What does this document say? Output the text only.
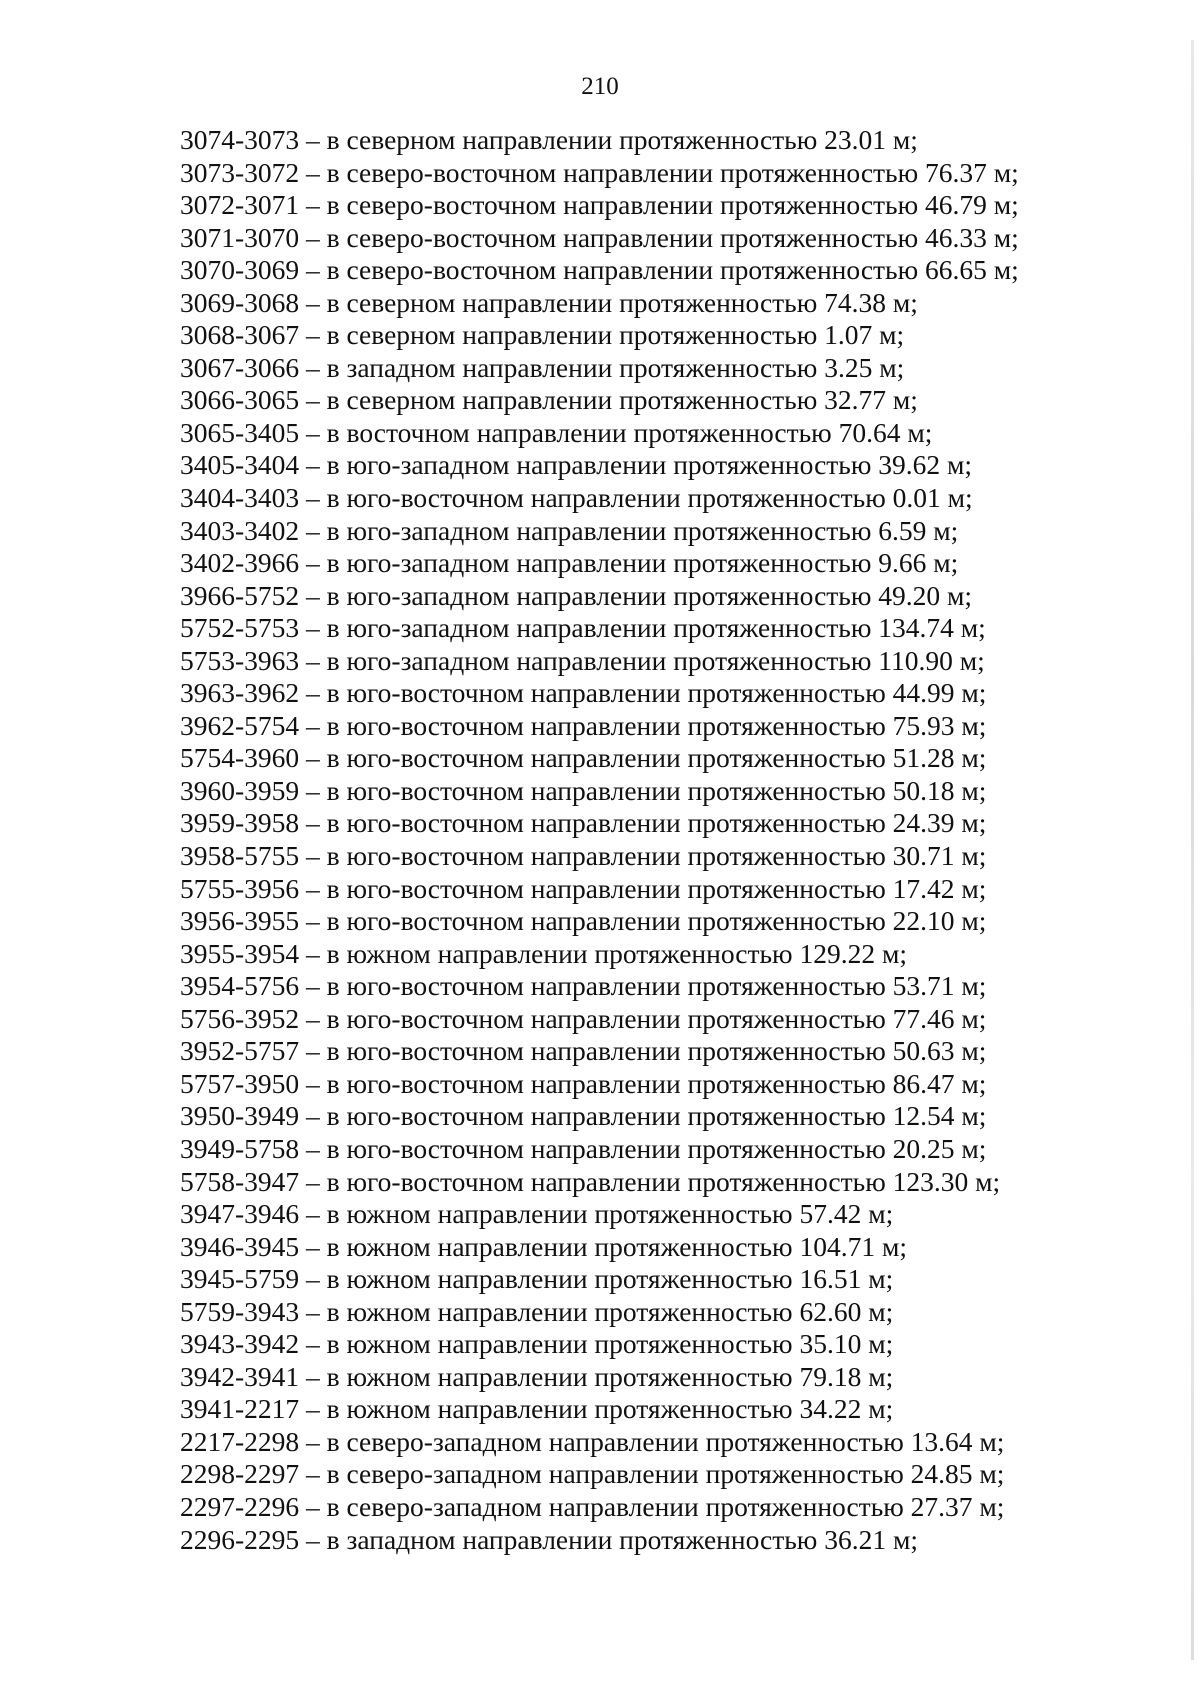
210
3074-3073 – в северном направлении протяженностью 23.01 м;
3073-3072 – в северо-восточном направлении протяженностью 76.37 м;
3072-3071 – в северо-восточном направлении протяженностью 46.79 м;
3071-3070 – в северо-восточном направлении протяженностью 46.33 м;
3070-3069 – в северо-восточном направлении протяженностью 66.65 м;
3069-3068 – в северном направлении протяженностью 74.38 м;
3068-3067 – в северном направлении протяженностью 1.07 м;
3067-3066 – в западном направлении протяженностью 3.25 м;
3066-3065 – в северном направлении протяженностью 32.77 м;
3065-3405 – в восточном направлении протяженностью 70.64 м;
3405-3404 – в юго-западном направлении протяженностью 39.62 м;
3404-3403 – в юго-восточном направлении протяженностью 0.01 м;
3403-3402 – в юго-западном направлении протяженностью 6.59 м;
3402-3966 – в юго-западном направлении протяженностью 9.66 м;
3966-5752 – в юго-западном направлении протяженностью 49.20 м;
5752-5753 – в юго-западном направлении протяженностью 134.74 м;
5753-3963 – в юго-западном направлении протяженностью 110.90 м;
3963-3962 – в юго-восточном направлении протяженностью 44.99 м;
3962-5754 – в юго-восточном направлении протяженностью 75.93 м;
5754-3960 – в юго-восточном направлении протяженностью 51.28 м;
3960-3959 – в юго-восточном направлении протяженностью 50.18 м;
3959-3958 – в юго-восточном направлении протяженностью 24.39 м;
3958-5755 – в юго-восточном направлении протяженностью 30.71 м;
5755-3956 – в юго-восточном направлении протяженностью 17.42 м;
3956-3955 – в юго-восточном направлении протяженностью 22.10 м;
3955-3954 – в южном направлении протяженностью 129.22 м;
3954-5756 – в юго-восточном направлении протяженностью 53.71 м;
5756-3952 – в юго-восточном направлении протяженностью 77.46 м;
3952-5757 – в юго-восточном направлении протяженностью 50.63 м;
5757-3950 – в юго-восточном направлении протяженностью 86.47 м;
3950-3949 – в юго-восточном направлении протяженностью 12.54 м;
3949-5758 – в юго-восточном направлении протяженностью 20.25 м;
5758-3947 – в юго-восточном направлении протяженностью 123.30 м;
3947-3946 – в южном направлении протяженностью 57.42 м;
3946-3945 – в южном направлении протяженностью 104.71 м;
3945-5759 – в южном направлении протяженностью 16.51 м;
5759-3943 – в южном направлении протяженностью 62.60 м;
3943-3942 – в южном направлении протяженностью 35.10 м;
3942-3941 – в южном направлении протяженностью 79.18 м;
3941-2217 – в южном направлении протяженностью 34.22 м;
2217-2298 – в северо-западном направлении протяженностью 13.64 м;
2298-2297 – в северо-западном направлении протяженностью 24.85 м;
2297-2296 – в северо-западном направлении протяженностью 27.37 м;
2296-2295 – в западном направлении протяженностью 36.21 м;
